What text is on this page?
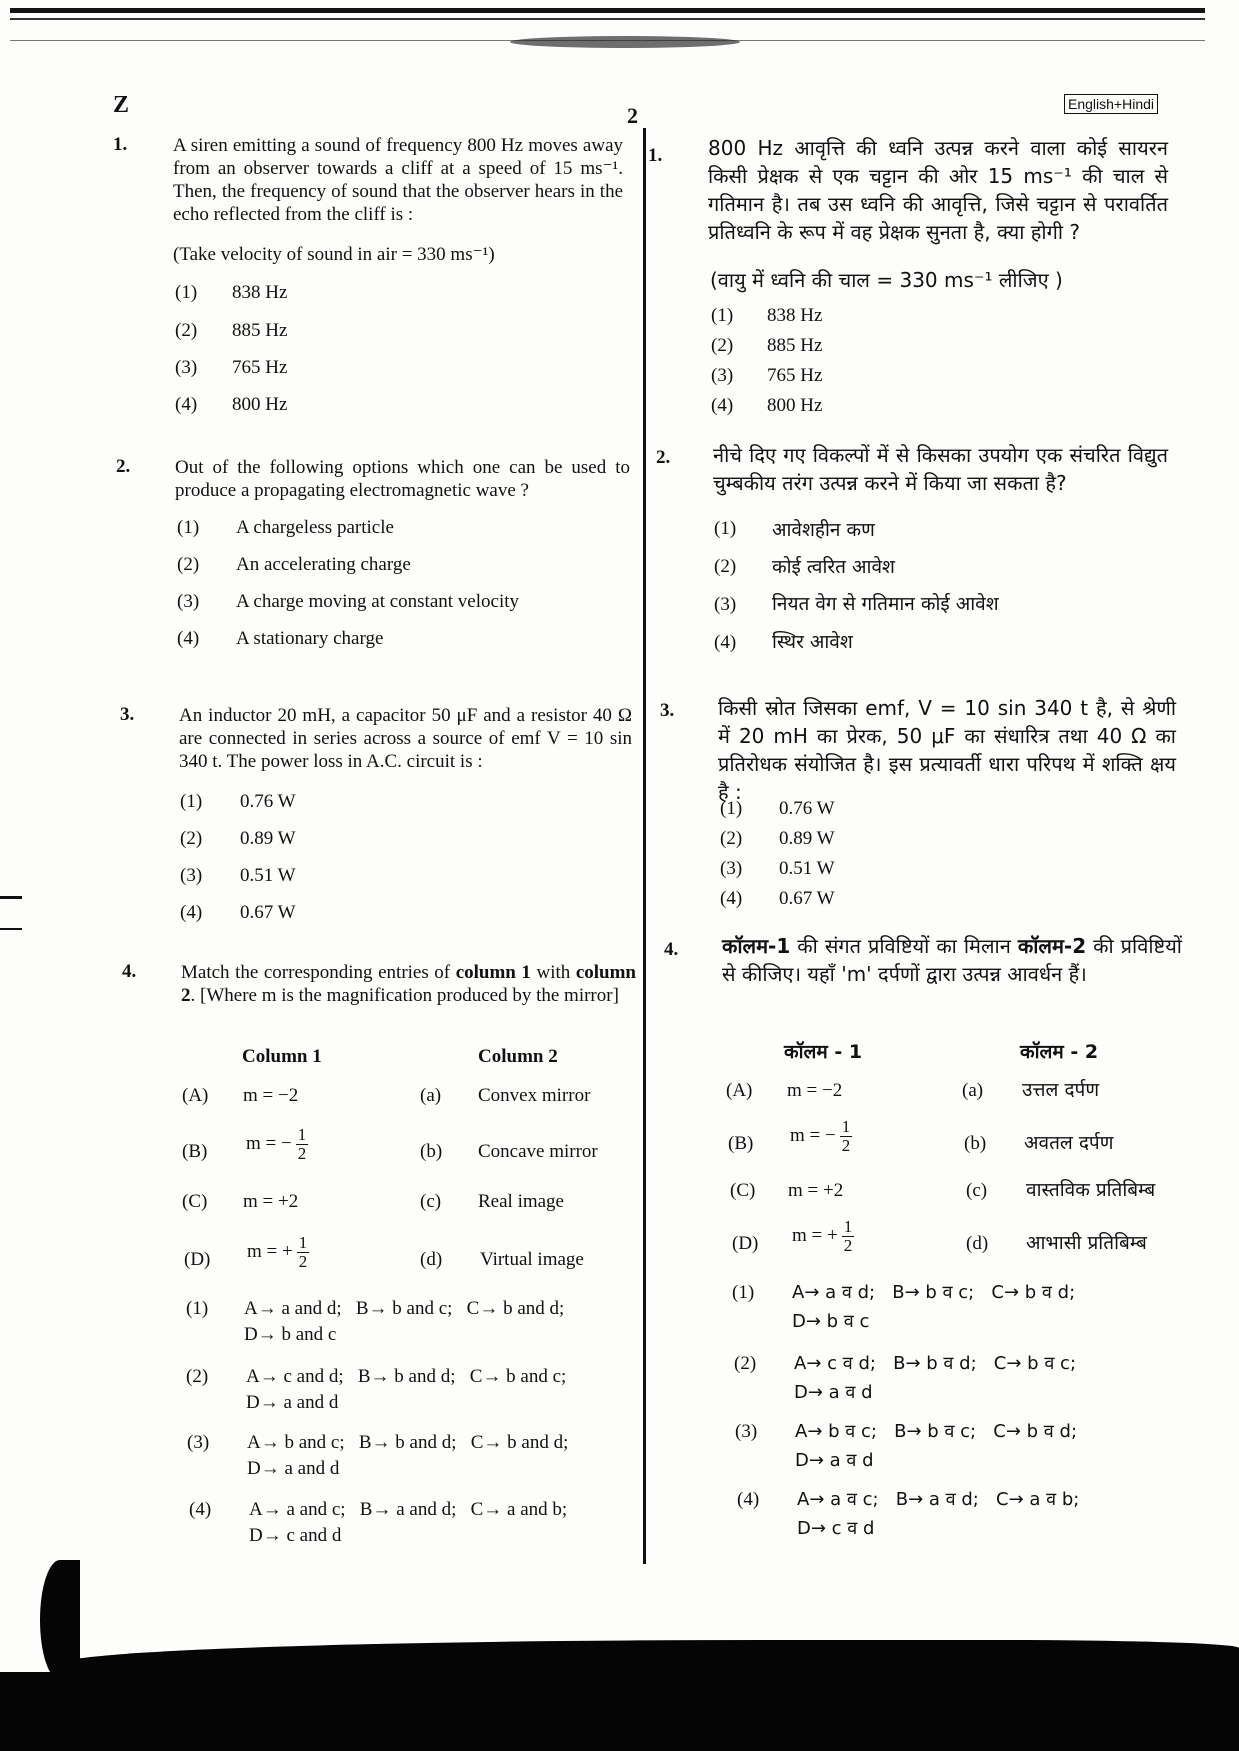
Z	2	English+Hindi
1. A siren emitting a sound of frequency 800 Hz moves away from an observer towards a cliff at a speed of 15 ms⁻¹. Then, the frequency of sound that the observer hears in the echo reflected from the cliff is :
(Take velocity of sound in air = 330 ms⁻¹)
(1) 838 Hz
(2) 885 Hz
(3) 765 Hz
(4) 800 Hz
2. Out of the following options which one can be used to produce a propagating electromagnetic wave ?
(1) A chargeless particle
(2) An accelerating charge
(3) A charge moving at constant velocity
(4) A stationary charge
3. An inductor 20 mH, a capacitor 50 μF and a resistor 40 Ω are connected in series across a source of emf V = 10 sin 340 t. The power loss in A.C. circuit is :
(1) 0.76 W
(2) 0.89 W
(3) 0.51 W
(4) 0.67 W
4. Match the corresponding entries of column 1 with column 2. [Where m is the magnification produced by the mirror]
Column 1	Column 2
(A) m = −2	(a) Convex mirror
(B) m = − $\frac{1}{2}$	(b) Concave mirror
(C) m = +2	(c) Real image
(D) m = + $\frac{1}{2}$	(d) Virtual image
(1) A→ a and d;   B→ b and c;   C→ b and d;
D→ b and c
(2) A→ c and d;   B→ b and d;   C→ b and c;
D→ a and d
(3) A→ b and c;   B→ b and d;   C→ b and d;
D→ a and d
(4) A→ a and c;   B→ a and d;   C→ a and b;
D→ c and d
1. 800 Hz आवृत्ति की ध्वनि उत्पन्न करने वाला कोई सायरन किसी प्रेक्षक से एक चट्टान की ओर 15 ms⁻¹ की चाल से गतिमान है। तब उस ध्वनि की आवृत्ति, जिसे चट्टान से परावर्तित प्रतिध्वनि के रूप में वह प्रेक्षक सुनता है, क्या होगी ?
(वायु में ध्वनि की चाल = 330 ms⁻¹ लीजिए )
(1) 838 Hz
(2) 885 Hz
(3) 765 Hz
(4) 800 Hz
2. नीचे दिए गए विकल्पों में से किसका उपयोग एक संचरित विद्युत चुम्बकीय तरंग उत्पन्न करने में किया जा सकता है?
(1) आवेशहीन कण
(2) कोई त्वरित आवेश
(3) नियत वेग से गतिमान कोई आवेश
(4) स्थिर आवेश
3. किसी स्रोत जिसका emf, V = 10 sin 340 t है, से श्रेणी में 20 mH का प्रेरक, 50 μF का संधारित्र तथा 40 Ω का प्रतिरोधक संयोजित है। इस प्रत्यावर्ती धारा परिपथ में शक्ति क्षय है :
(1) 0.76 W
(2) 0.89 W
(3) 0.51 W
(4) 0.67 W
4. कॉलम-1 की संगत प्रविष्टियों का मिलान कॉलम-2 की प्रविष्टियों से कीजिए। यहाँ 'm' दर्पणों द्वारा उत्पन्न आवर्धन हैं।
कॉलम - 1	कॉलम - 2
(A) m = −2	(a) उत्तल दर्पण
(B) m = − $\frac{1}{2}$	(b) अवतल दर्पण
(C) m = +2	(c) वास्तविक प्रतिबिम्ब
(D) m = + $\frac{1}{2}$	(d) आभासी प्रतिबिम्ब
(1) A→ a व d;   B→ b व c;   C→ b व d;
D→ b व c
(2) A→ c व d;   B→ b व d;   C→ b व c;
D→ a व d
(3) A→ b व c;   B→ b व c;   C→ b व d;
D→ a व d
(4) A→ a व c;   B→ a व d;   C→ a व b;
D→ c व d
